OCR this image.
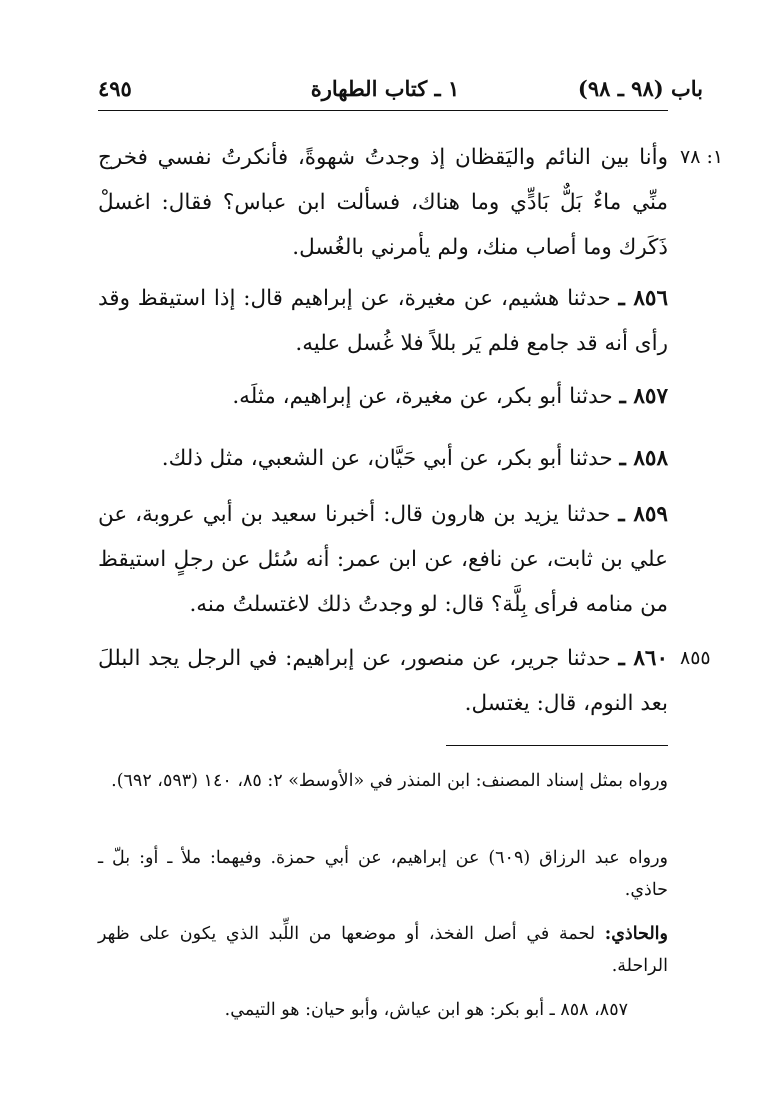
باب (٩٨ ـ ٩٨)
١ ـ كتاب الطهارة
٤٩٥
١: ٧٨
٨٥٥
وأنا بين النائم واليَقظان إذ وجدتُ شهوةً، فأنكرتُ نفسي فخرج منِّي ماءٌ بَلٌّ بَادٍّي وما هناك، فسألت ابن عباس؟ فقال: اغسلْ ذَكَرك وما أصاب منك، ولم يأمرني بالغُسل.
٨٥٦ ـ حدثنا هشيم، عن مغيرة، عن إبراهيم قال: إذا استيقظ وقد رأى أنه قد جامع فلم يَر بللاً فلا غُسل عليه.
٨٥٧ ـ حدثنا أبو بكر، عن مغيرة، عن إبراهيم، مثلَه.
٨٥٨ ـ حدثنا أبو بكر، عن أبي حَيَّان، عن الشعبي، مثل ذلك.
٨٥٩ ـ حدثنا يزيد بن هارون قال: أخبرنا سعيد بن أبي عروبة، عن علي بن ثابت، عن نافع، عن ابن عمر: أنه سُئل عن رجلٍ استيقظ من منامه فرأى بِلَّة؟ قال: لو وجدتُ ذلك لاغتسلتُ منه.
٨٦٠ ـ حدثنا جرير، عن منصور، عن إبراهيم: في الرجل يجد البللَ بعد النوم، قال: يغتسل.
ورواه بمثل إسناد المصنف: ابن المنذر في «الأوسط» ٢: ٨٥، ١٤٠ (٥٩٣، ٦٩٢).
ورواه عبد الرزاق (٦٠٩) عن إبراهيم، عن أبي حمزة. وفيهما: ملأ ـ أو: بلّ ـ حاذي.
والحاذي: لحمة في أصل الفخذ، أو موضعها من اللِّبد الذي يكون على ظهر الراحلة.
٨٥٧، ٨٥٨ ـ أبو بكر: هو ابن عياش، وأبو حيان: هو التيمي.
